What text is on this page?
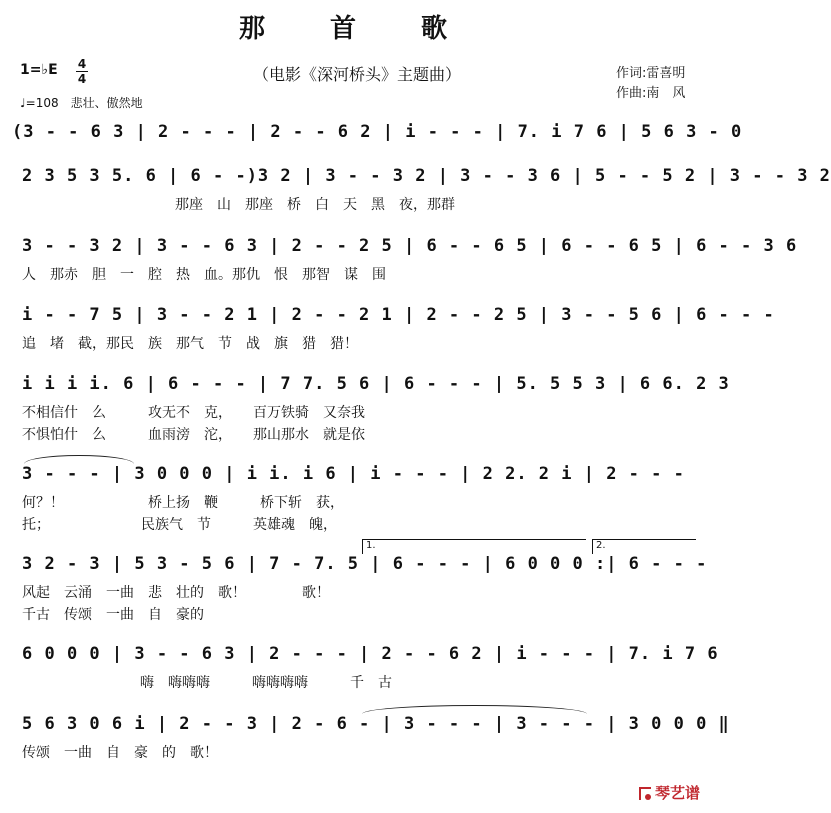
那 首 歌
（电影《深河桥头》主题曲）	作词:雷喜明
作曲:南　风
1=♭E 4
4
♩=108　悲壮、傲然地
(3 - - 6 3 | 2 - - - | 2 - - 6 2 | i - - - | 7. i 7 6 | 5 6 3 - 0
2 3 5 3 5. 6 | 6 - -)3 2 | 3 - - 3 2 | 3 - - 3 6 | 5 - - 5 2 | 3 - - 3 2
那座　山　那座　桥　白　天　黑　夜，那群
3 - - 3 2 | 3 - - 6 3 | 2 - - 2 5 | 6 - - 6 5 | 6 - - 6 5 | 6 - - 3 6
人　那赤　胆　一　腔　热　血。那仇　恨　那智　谋　围
i - - 7 5 | 3 - - 2 1 | 2 - - 2 1 | 2 - - 2 5 | 3 - - 5 6 | 6 - - -
追　堵　截，那民　族　那气　节　战　旗　猎　猎！
i i i i. 6 | 6 - - - | 7 7. 5 6 | 6 - - - | 5. 5 5 3 | 6 6. 2 3
不相信什　么　　　攻无不　克，　　百万铁骑　又奈我
不惧怕什　么　　　血雨滂　沱，　　那山那水　就是依
3 - - - | 3 0 0 0 | i i. i 6 | i - - - | 2 2. 2 i | 2 - - -
何？！　　　　　　桥上扬　鞭　　　桥下斩　获，
托；　　　　　　　民族气　节　　　英雄魂　魄，
1.	2.
3 2 - 3 | 5 3 - 5 6 | 7 - 7. 5 | 6 - - - | 6 0 0 0 :| 6 - - -
风起　云涌　一曲　悲　壮的　歌！　　　　歌！
千古　传颂　一曲　自　豪的
6 0 0 0 | 3 - - 6 3 | 2 - - - | 2 - - 6 2 | i - - - | 7. i 7 6
嗨　嗨嗨嗨　　　嗨嗨嗨嗨　　　千　古
5 6 3 0 6 i | 2 - - 3 | 2 - 6 - | 3 - - - | 3 - - - | 3 0 0 0 ‖
传颂　一曲　自　豪　的　歌！
琴艺谱
